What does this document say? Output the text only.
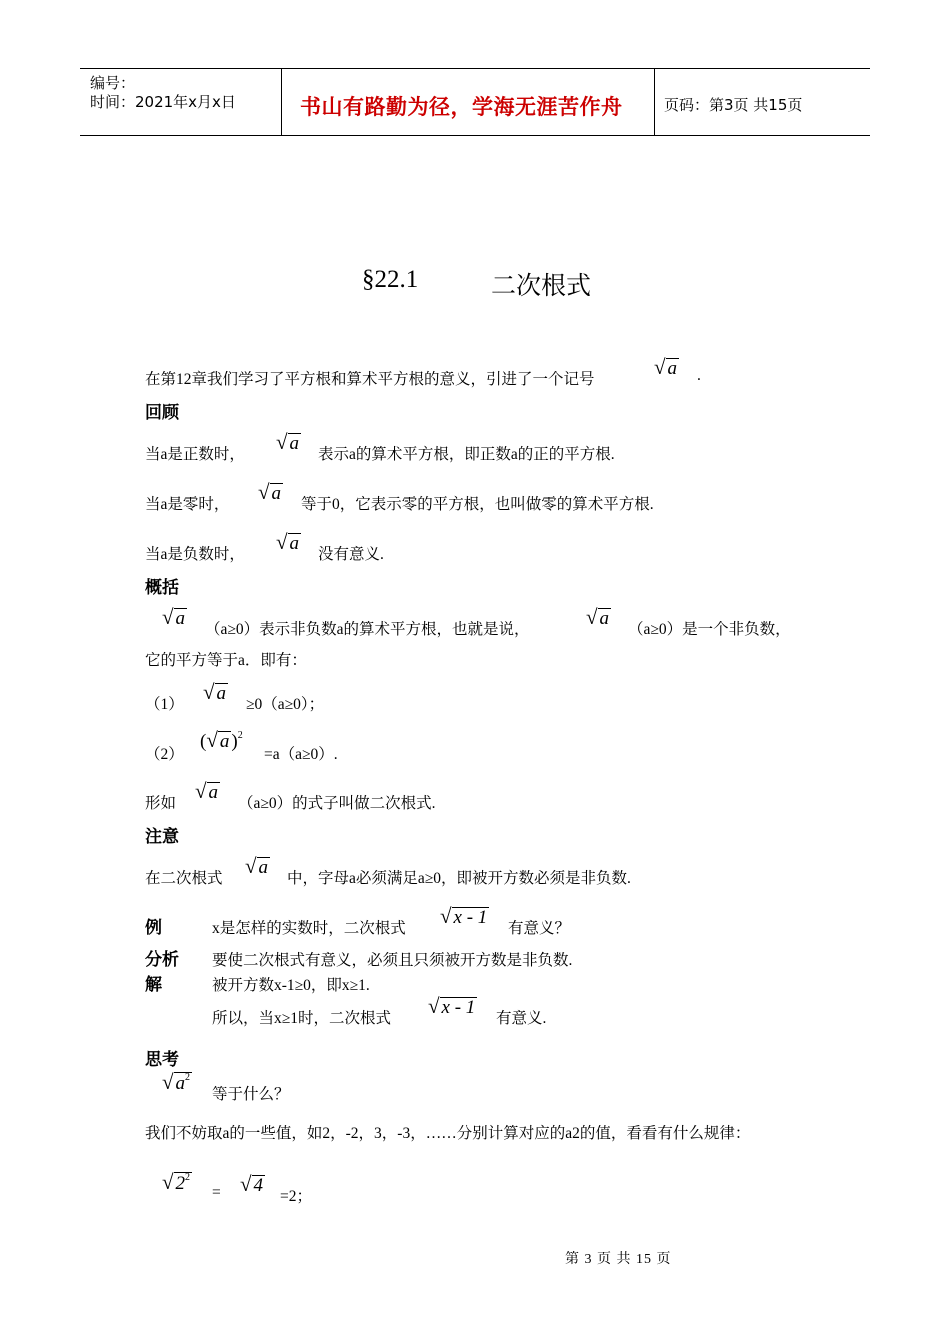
编号：
时间：2021年x月x日	书山有路勤为径，学海无涯苦作舟	页码：第3页 共15页
§22.1	二次根式
在第12章我们学习了平方根和算术平方根的意义，引进了一个记号
√ a .
回顾
当a是正数时，
√ a
表示a的算术平方根，即正数a的正的平方根.
当a是零时，
√ a
等于0，它表示零的平方根，也叫做零的算术平方根.
当a是负数时，
√ a
没有意义.
概括
√ a
（a≥0）表示非负数a的算术平方根，也就是说，
√ a
（a≥0）是一个非负数，
它的平方等于a．即有：
（1）
√ a
≥0（a≥0）；
（2）
(√ a )$^2$
=a（a≥0）.
形如
√ a
（a≥0）的式子叫做二次根式.
注意
在二次根式
√ a
中，字母a必须满足a≥0，即被开方数必须是非负数.
例	x是怎样的实数时，二次根式
√ x - 1
有意义？
分析 要使二次根式有意义，必须且只须被开方数是非负数.
解	被开方数x-1≥0，即x≥1.
所以，当x≥1时，二次根式
√ x - 1
有意义.
思考
√ $a^2$
等于什么？
我们不妨取a的一些值，如2，-2，3，-3，……分别计算对应的a2的值，看看有什么规律：
√ $2^2$
= √ 4
=2；
第 3 页 共 15 页
